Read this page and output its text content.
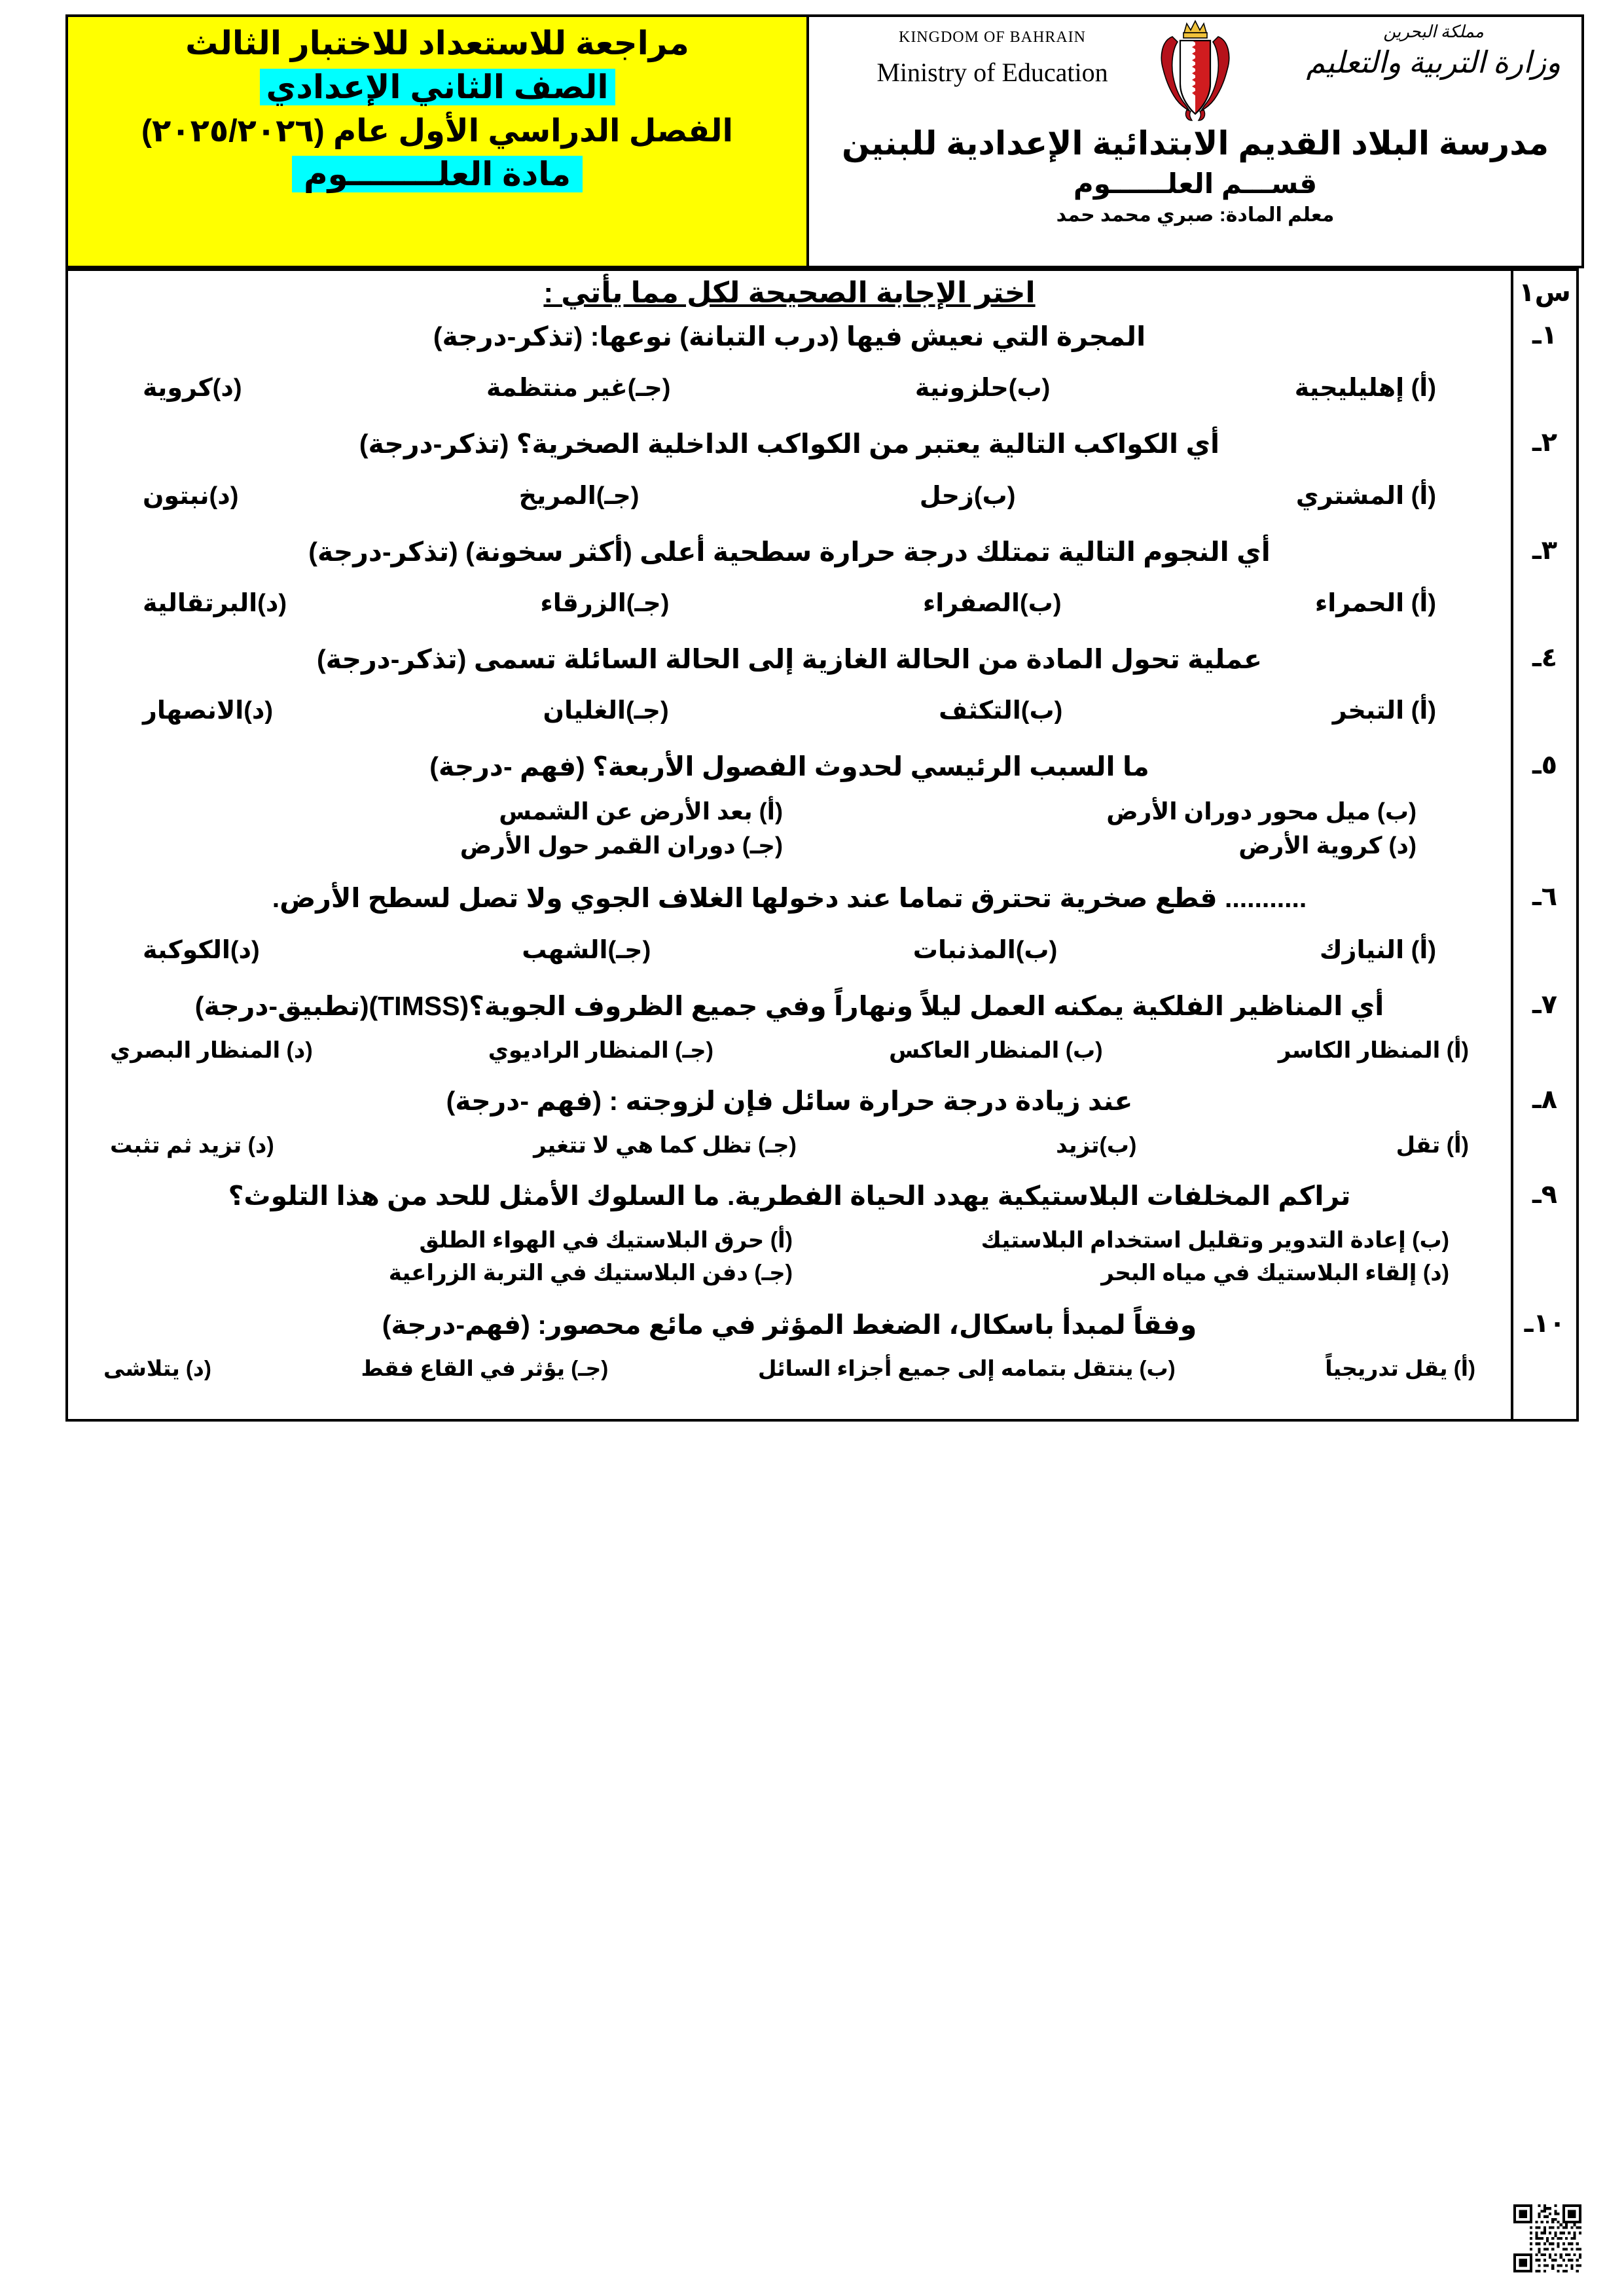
مملكة البحرين
وزارة التربية والتعليم
KINGDOM OF BAHRAIN
Ministry of Education
مدرسة البلاد القديم الابتدائية الإعدادية للبنين
قســـم العلــــــوم
معلم المادة: صبري محمد حمد

مراجعة للاستعداد للاختبار الثالث
الصف الثاني الإعدادي
الفصل الدراسي الأول عام (٢٠٢٥/٢٠٢٦)
مادة العلــــــــوم
س١	اختر الإجابة الصحيحة لكل مما يأتي :

١ـ	المجرة التي نعيش فيها (درب التبانة) نوعها: (تذكر-درجة)
(أ) إهليليجية
(ب)حلزونية
(جـ)غير منتظمة
(د)كروية

٢ـ	أي الكواكب التالية يعتبر من الكواكب الداخلية الصخرية؟ (تذكر-درجة)
(أ) المشتري
(ب)زحل
(جـ)المريخ
(د)نبتون

٣ـ	أي النجوم التالية تمتلك درجة حرارة سطحية أعلى (أكثر سخونة) (تذكر-درجة)
(أ) الحمراء
(ب)الصفراء
(جـ)الزرقاء
(د)البرتقالية

٤ـ	عملية تحول المادة من الحالة الغازية إلى الحالة السائلة تسمى (تذكر-درجة)
(أ) التبخر
(ب)التكثف
(جـ)الغليان
(د)الانصهار

٥ـ	ما السبب الرئيسي لحدوث الفصول الأربعة؟ (فهم -درجة)
(ب) ميل محور دوران الأرض
(أ) بعد الأرض عن الشمس
(د) كروية الأرض
(جـ) دوران القمر حول الأرض

٦ـ	........... قطع صخرية تحترق تماما عند دخولها الغلاف الجوي ولا تصل لسطح الأرض.
(أ) النيازك
(ب)المذنبات
(جـ)الشهب
(د)الكوكبة

٧ـ	أي المناظير الفلكية يمكنه العمل ليلاً ونهاراً وفي جميع الظروف الجوية؟(TIMSS)(تطبيق-درجة)
(أ) المنظار الكاسر
(ب) المنظار العاكس
(جـ) المنظار الراديوي
(د) المنظار البصري

٨ـ	عند زيادة درجة حرارة سائل فإن لزوجته : (فهم -درجة)
(أ) تقل
(ب)تزيد
(جـ) تظل كما هي لا تتغير
(د) تزيد ثم تثبت

٩ـ	تراكم المخلفات البلاستيكية يهدد الحياة الفطرية. ما السلوك الأمثل للحد من هذا التلوث؟
(ب) إعادة التدوير وتقليل استخدام البلاستيك
(أ) حرق البلاستيك في الهواء الطلق
(د) إلقاء البلاستيك في مياه البحر
(جـ) دفن البلاستيك في التربة الزراعية

١٠ـ	وفقاً لمبدأ باسكال، الضغط المؤثر في مائع محصور: (فهم-درجة)
(أ) يقل تدريجياً
(ب) ينتقل بتمامه إلى جميع أجزاء السائل
(جـ) يؤثر في القاع فقط
(د) يتلاشى
